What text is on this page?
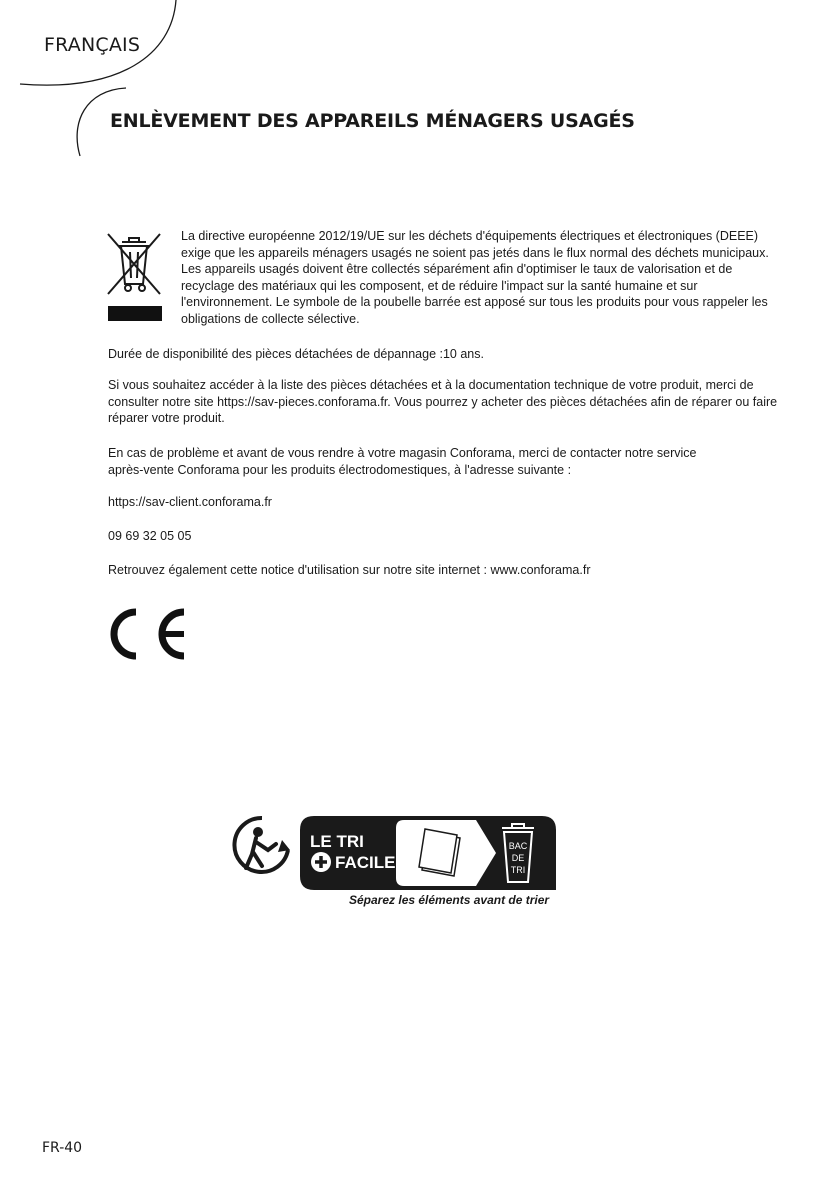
FRANÇAIS
ENLÈVEMENT DES APPAREILS MÉNAGERS USAGÉS

La directive européenne 2012/19/UE sur les déchets d'équipements électriques et électroniques (DEEE) exige que les appareils ménagers usagés ne soient pas jetés dans le flux normal des déchets municipaux. Les appareils usagés doivent être collectés séparément afin d'optimiser le taux de valorisation et de recyclage des matériaux qui les composent, et de réduire l'impact sur la santé humaine et sur l'environnement. Le symbole de la poubelle barrée est apposé sur tous les produits pour vous rappeler les obligations de collecte sélective.

Durée de disponibilité des pièces détachées de dépannage :10 ans.

Si vous souhaitez accéder à la liste des pièces détachées et à la documentation technique de votre produit, merci de consulter notre site https://sav-pieces.conforama.fr. Vous pourrez y acheter des pièces détachées afin de réparer ou faire réparer votre produit.

En cas de problème et avant de vous rendre à votre magasin Conforama, merci de contacter notre service après-vente Conforama pour les produits électrodomestiques, à l'adresse suivante :

https://sav-client.conforama.fr

09 69 32 05 05

Retrouvez également cette notice d'utilisation sur notre site internet : www.conforama.fr

LE TRI
FACILE
BAC
DE
TRI
Séparez les éléments avant de trier
FR-40
